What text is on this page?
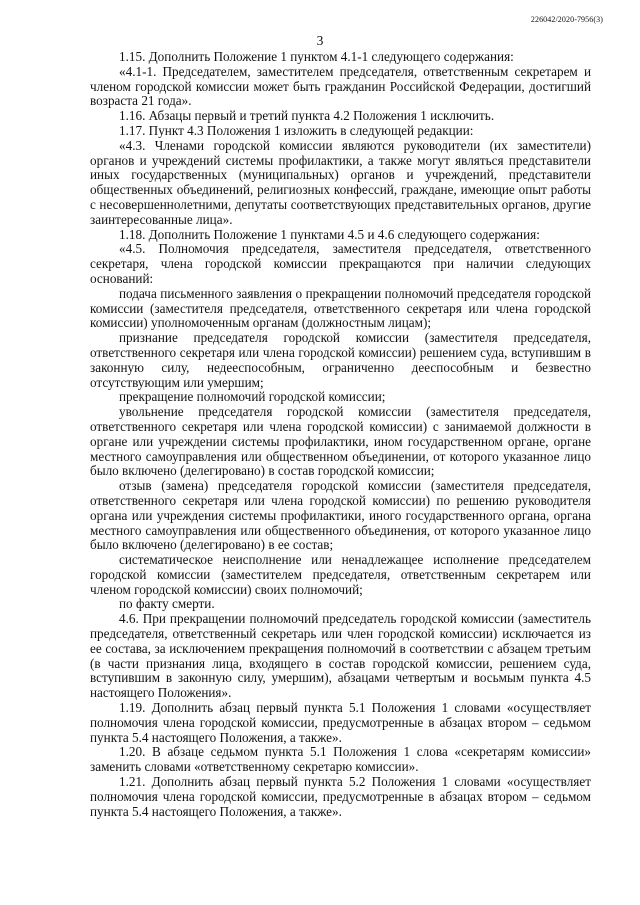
226042/2020-7956(3)
3

1.15. Дополнить Положение 1 пунктом 4.1-1 следующего содержания:

«4.1-1. Председателем, заместителем председателя, ответственным секретарем и членом городской комиссии может быть гражданин Российской Федерации, достигший возраста 21 года».

1.16. Абзацы первый и третий пункта 4.2 Положения 1 исключить.

1.17. Пункт 4.3 Положения 1 изложить в следующей редакции:

«4.3. Членами городской комиссии являются руководители (их заместители) органов и учреждений системы профилактики, а также могут являться представители иных государственных (муниципальных) органов и учреждений, представители общественных объединений, религиозных конфессий, граждане, имеющие опыт работы с несовершеннолетними, депутаты соответствующих представительных органов, другие заинтересованные лица».

1.18. Дополнить Положение 1 пунктами 4.5 и 4.6 следующего содержания:

«4.5. Полномочия председателя, заместителя председателя, ответственного секретаря, члена городской комиссии прекращаются при наличии следующих оснований:

подача письменного заявления о прекращении полномочий председателя городской комиссии (заместителя председателя, ответственного секретаря или члена городской комиссии) уполномоченным органам (должностным лицам);

признание председателя городской комиссии (заместителя председателя, ответственного секретаря или члена городской комиссии) решением суда, вступившим в законную силу, недееспособным, ограниченно дееспособным и безвестно отсутствующим или умершим;

прекращение полномочий городской комиссии;

увольнение председателя городской комиссии (заместителя председателя, ответственного секретаря или члена городской комиссии) с занимаемой должности в органе или учреждении системы профилактики, ином государственном органе, органе местного самоуправления или общественном объединении, от которого указанное лицо было включено (делегировано) в состав городской комиссии;

отзыв (замена) председателя городской комиссии (заместителя председателя, ответственного секретаря или члена городской комиссии) по решению руководителя органа или учреждения системы профилактики, иного государственного органа, органа местного самоуправления или общественного объединения, от которого указанное лицо было включено (делегировано) в ее состав;

систематическое неисполнение или ненадлежащее исполнение председателем городской комиссии (заместителем председателя, ответственным секретарем или членом городской комиссии) своих полномочий;

по факту смерти.

4.6. При прекращении полномочий председатель городской комиссии (заместитель председателя, ответственный секретарь или член городской комиссии) исключается из ее состава, за исключением прекращения полномочий в соответствии с абзацем третьим (в части признания лица, входящего в состав городской комиссии, решением суда, вступившим в законную силу, умершим), абзацами четвертым и восьмым пункта 4.5 настоящего Положения».

1.19. Дополнить абзац первый пункта 5.1 Положения 1 словами «осуществляет полномочия члена городской комиссии, предусмотренные в абзацах втором – седьмом пункта 5.4 настоящего Положения, а также».

1.20. В абзаце седьмом пункта 5.1 Положения 1 слова «секретарям комиссии» заменить словами «ответственному секретарю комиссии».

1.21. Дополнить абзац первый пункта 5.2 Положения 1 словами «осуществляет полномочия члена городской комиссии, предусмотренные в абзацах втором – седьмом пункта 5.4 настоящего Положения, а также».
